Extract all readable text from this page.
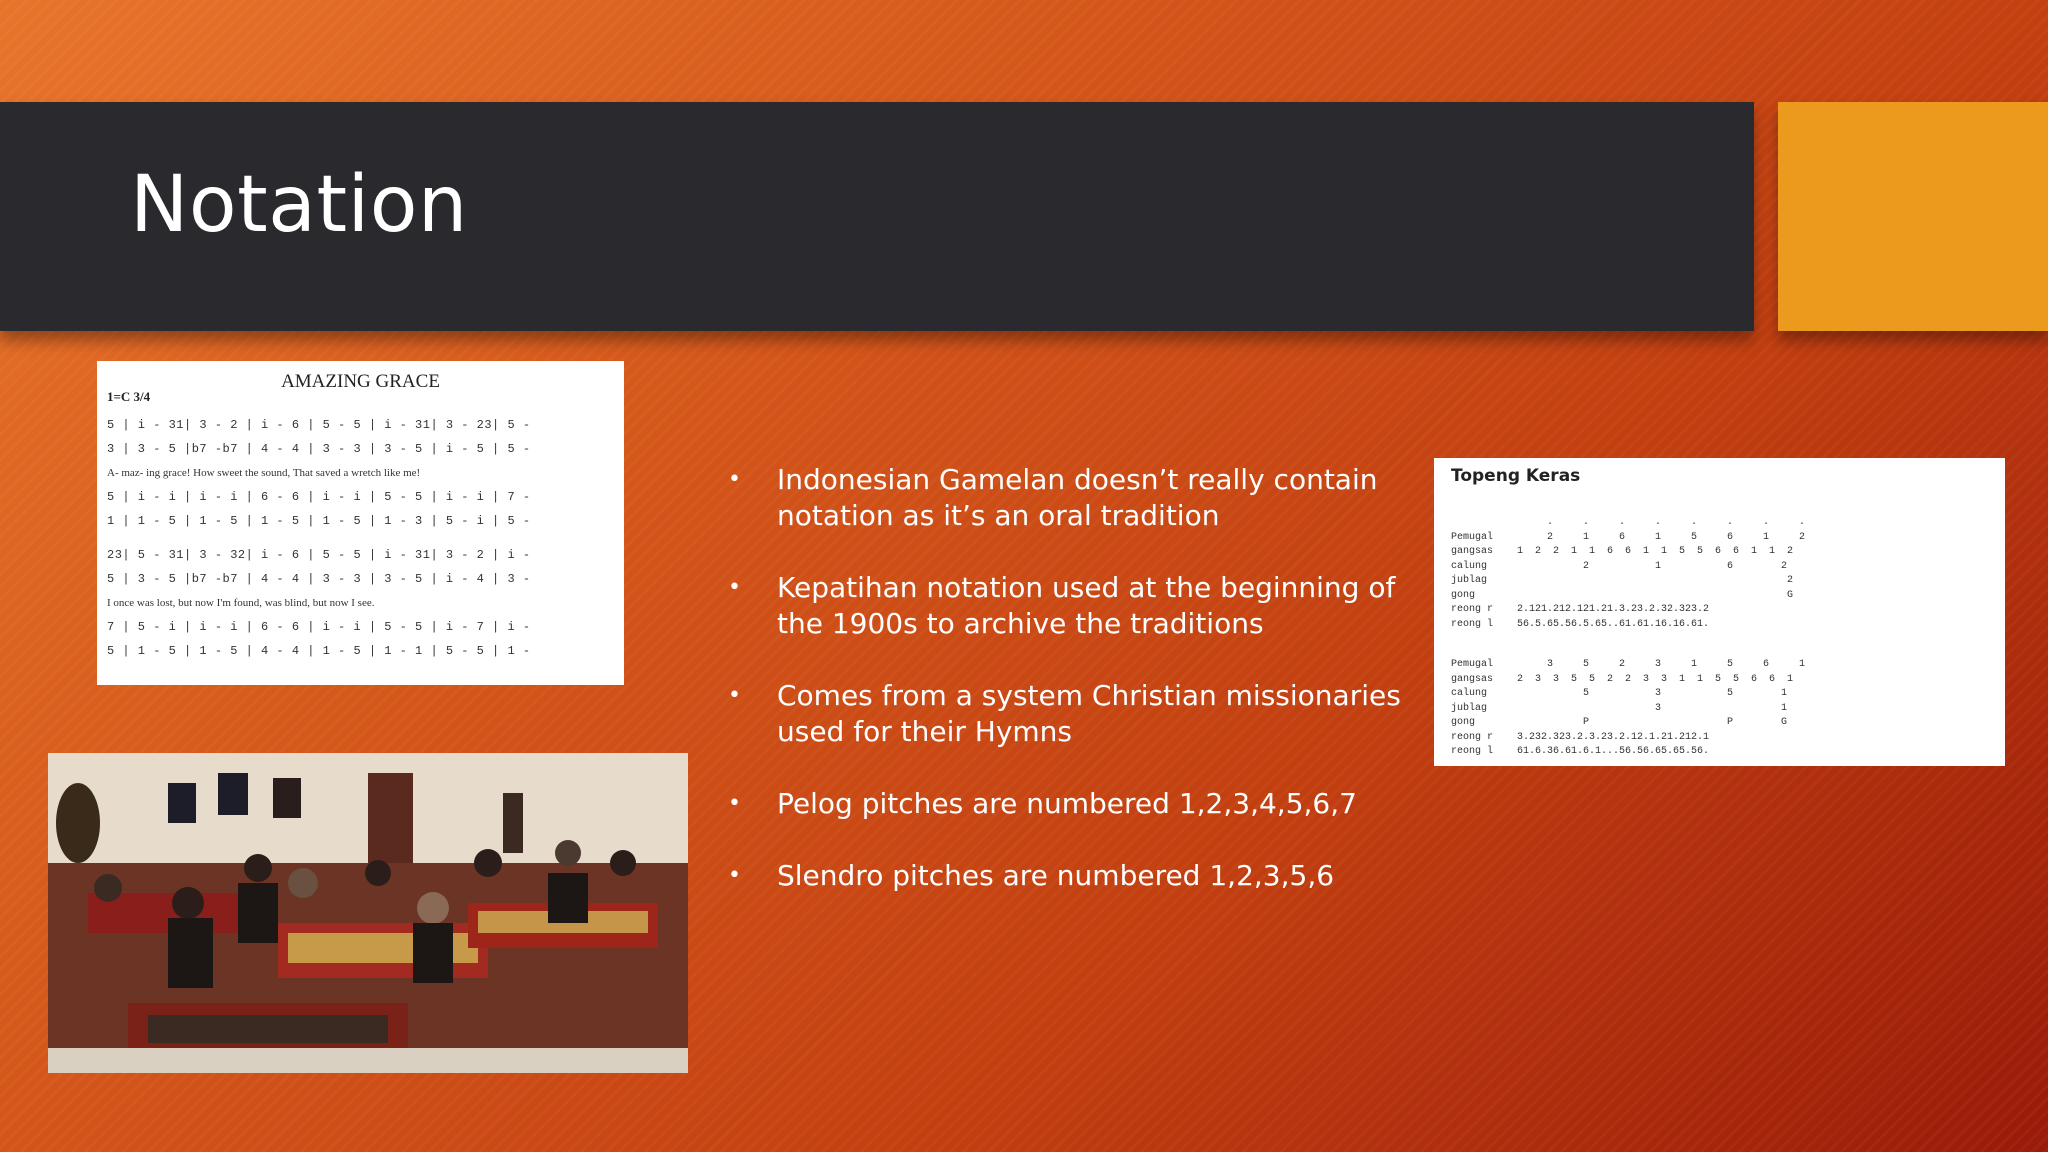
Notation
AMAZING GRACE
1=C 3/4
5 | i - 31| 3 - 2 | i - 6 | 5 - 5 | i - 31| 3 - 23| 5 -
3 | 3 - 5 |b7 -b7 | 4 - 4 | 3 - 3 | 3 - 5 | i - 5 | 5 -
A- maz- ing grace! How sweet the sound, That saved a wretch like me!
5 | i - i | i - i | 6 - 6 | i - i | 5 - 5 | i - i | 7 -
1 | 1 - 5 | 1 - 5 | 1 - 5 | 1 - 5 | 1 - 3 | 5 - i | 5 -
23| 5 - 31| 3 - 32| i - 6 | 5 - 5 | i - 31| 3 - 2 | i -
5 | 3 - 5 |b7 -b7 | 4 - 4 | 3 - 3 | 3 - 5 | i - 4 | 3 -
I once was lost, but now I'm found, was blind, but now I see.
7 | 5 - i | i - i | 6 - 6 | i - i | 5 - 5 | i - 7 | i -
5 | 1 - 5 | 1 - 5 | 4 - 4 | 1 - 5 | 1 - 1 | 5 - 5 | 1 -
• Indonesian Gamelan doesn’t really contain notation as it’s an oral tradition
• Kepatihan notation used at the beginning of the 1900s to archive the traditions
• Comes from a system Christian missionaries used for their Hymns
• Pelog pitches are numbered 1,2,3,4,5,6,7
• Slendro pitches are numbered 1,2,3,5,6
Topeng Keras
.     .     .     .     .     .     .     .
Pemugal         2     1     6     1     5     6     1     2
gangsas    1  2  2  1  1  6  6  1  1  5  5  6  6  1  1  2
calung                2           1           6        2
jublag                                                  2
gong                                                    G
reong r    2.121.212.121.21.3.23.2.32.323.2
reong l    56.5.65.56.5.65..61.61.16.16.61.
Pemugal         3     5     2     3     1     5     6     1
gangsas    2  3  3  5  5  2  2  3  3  1  1  5  5  6  6  1
calung                5           3           5        1
jublag                            3                    1
gong                  P                       P        G
reong r    3.232.323.2.3.23.2.12.1.21.212.1
reong l    61.6.36.61.6.1...56.56.65.65.56.
